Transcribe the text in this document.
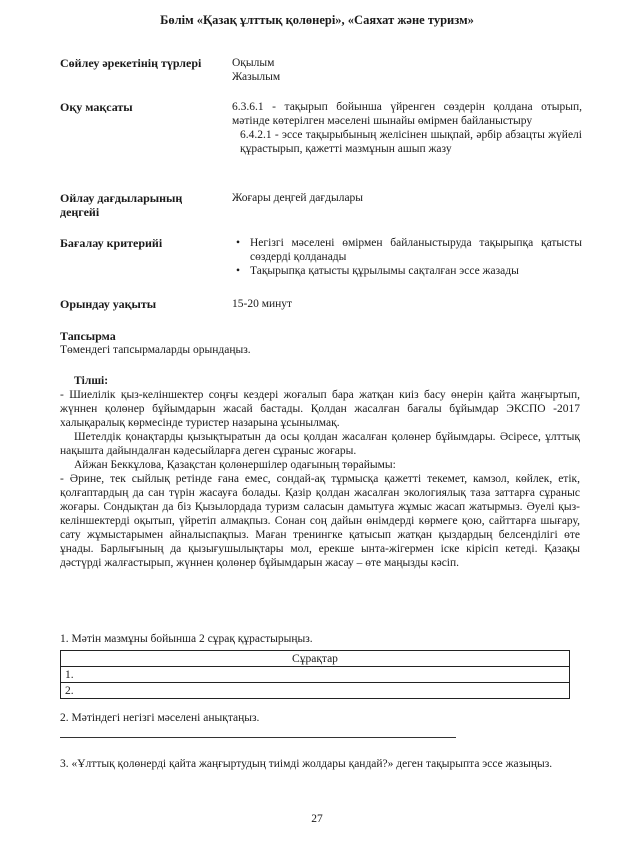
Бөлім «Қазақ ұлттық қолөнері», «Саяхат және туризм»
Сөйлеу әрекетінің түрлері	Оқылым
Жазылым
Оқу мақсаты	6.3.6.1 - тақырып бойынша үйренген сөздерін қолдана отырып, мәтінде көтерілген мәселені шынайы өмірмен байланыстыру
6.4.2.1 - эссе тақырыбының желісінен шықпай, әрбір абзацты жүйелі құрастырып, қажетті мазмұнын ашып жазу
Ойлау дағдыларының деңгейі
Жоғары деңгей дағдылары
Бағалау критерийі
•	Негізгі мәселені өмірмен байланыстыруда тақырыпқа қатысты сөздерді қолданады
• Тақырыпқа қатысты құрылымы сақталған эссе жазады
Орындау уақыты	15-20 минут
Тапсырма
Төмендегі тапсырмаларды орындаңыз.

Тілші:

- Шиелілік қыз-келіншектер соңғы кездері жоғалып бара жатқан киіз басу өнерін қайта жаңғыртып, жүннен қолөнер бұйымдарын жасай бастады. Қолдан жасалған бағалы бұйымдар ЭКСПО -2017 халықаралық көрмесінде туристер назарына ұсынылмақ.

Шетелдік қонақтарды қызықтыратын да осы қолдан жасалған қолөнер бұйымдары. Әсіресе, ұлттық нақышта дайындалған кәдесыйларға деген сұраныс жоғары.

Айжан Беккұлова, Қазақстан қолөнершілер одағының төрайымы:

- Әрине, тек сыйлық ретінде ғана емес, сондай-ақ тұрмысқа қажетті текемет, камзол, көйлек, етік, қолғаптардың да сан түрін жасауға болады. Қазір қолдан жасалған экологиялық таза заттарға сұраныс жоғары. Сондықтан да біз Қызылордада туризм саласын дамытуға жұмыс жасап жатырмыз. Әуелі қыз-келіншектерді оқытып, үйретіп алмақпыз. Сонан соң дайын өнімдерді көрмеге қою, сайттарға шығару, сату жұмыстарымен айналыспақпыз. Маған тренингке қатысып жатқан қыздардың белсенділігі өте ұнады. Барлығының да қызығушылықтары мол, ерекше ынта-жігермен іске кірісіп кетеді. Қазақы дәстүрді жалғастырып, жүннен қолөнер бұйымдарын жасау – өте маңызды кәсіп.

1. Мәтін мазмұны бойынша 2 сұрақ құрастырыңыз.
Сұрақтар
1.
2.
2. Мәтіндегі негізгі мәселені анықтаңыз.
3. «Ұлттық қолөнерді қайта жаңғыртудың тиімді жолдары қандай?» деген тақырыпта эссе жазыңыз.
27
